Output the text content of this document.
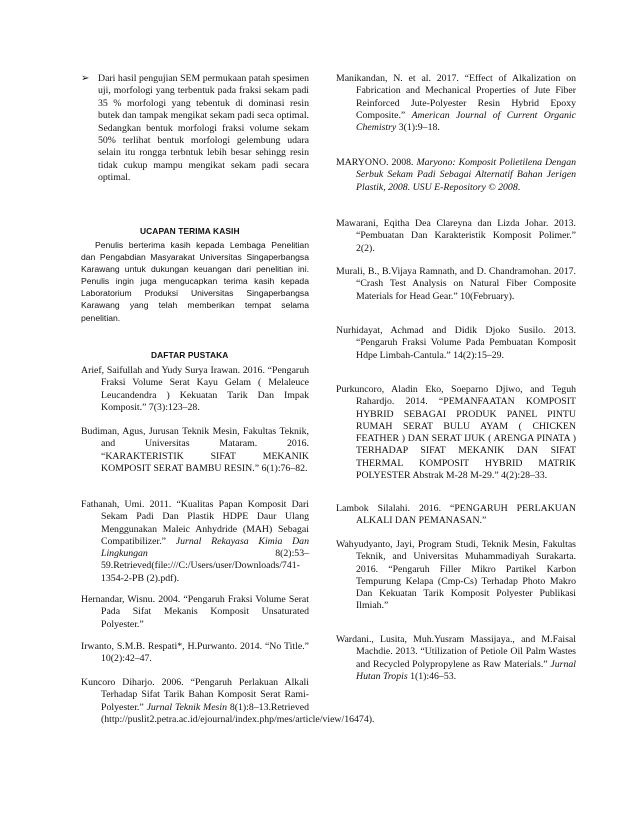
➢ Dari hasil pengujian SEM permukaan patah spesimen uji, morfologi yang terbentuk pada fraksi sekam padi 35 % morfologi yang tebentuk di dominasi resin butek dan tampak mengikat sekam padi seca optimal. Sedangkan bentuk morfologi fraksi volume sekam 50% terlihat bentuk morfologi gelembung udara selain itu rongga terbntuk lebih besar sehingg resin tidak cukup mampu mengikat sekam padi secara optimal.
UCAPAN TERIMA KASIH
Penulis berterima kasih kepada Lembaga Penelitian dan Pengabdian Masyarakat Universitas Singaperbangsa Karawang untuk dukungan keuangan dari penelitian ini. Penulis ingin juga mengucapkan terima kasih kepada Laboratorium Produksi Universitas Singaperbangsa Karawang yang telah memberikan tempat selama penelitian.
DAFTAR PUSTAKA
Arief, Saifullah and Yudy Surya Irawan. 2016. “Pengaruh Fraksi Volume Serat Kayu Gelam ( Melaleuce Leucandendra ) Kekuatan Tarik Dan Impak Komposit.” 7(3):123–28.
Budiman, Agus, Jurusan Teknik Mesin, Fakultas Teknik, and Universitas Mataram. 2016. “KARAKTERISTIK SIFAT MEKANIK KOMPOSIT SERAT BAMBU RESIN.” 6(1):76–82.
Fathanah, Umi. 2011. “Kualitas Papan Komposit Dari Sekam Padi Dan Plastik HDPE Daur Ulang Menggunakan Maleic Anhydride (MAH) Sebagai Compatibilizer.” Jurnal Rekayasa Kimia Dan Lingkungan 8(2):53–59.Retrieved(file:///C:/Users/user/Downloads/741-1354-2-PB (2).pdf).
Hernandar, Wisnu. 2004. “Pengaruh Fraksi Volume Serat Pada Sifat Mekanis Komposit Unsaturated Polyester.”
Irwanto, S.M.B. Respati*, H.Purwanto. 2014. “No Title.” 10(2):42–47.
Kuncoro Diharjo. 2006. “Pengaruh Perlakuan Alkali Terhadap Sifat Tarik Bahan Komposit Serat Rami-Polyester.” Jurnal Teknik Mesin 8(1):8–13.Retrieved (http://puslit2.petra.ac.id/ejournal/index.php/mes/article/view/16474).
Manikandan, N. et al. 2017. “Effect of Alkalization on Fabrication and Mechanical Properties of Jute Fiber Reinforced Jute-Polyester Resin Hybrid Epoxy Composite.” American Journal of Current Organic Chemistry 3(1):9–18.
MARYONO. 2008. Maryono: Komposit Polietilena Dengan Serbuk Sekam Padi Sebagai Alternatif Bahan Jerigen Plastik, 2008. USU E-Repository © 2008.
Mawarani, Eqitha Dea Clareyna dan Lizda Johar. 2013. “Pembuatan Dan Karakteristik Komposit Polimer.” 2(2).
Murali, B., B.Vijaya Ramnath, and D. Chandramohan. 2017. “Crash Test Analysis on Natural Fiber Composite Materials for Head Gear.” 10(February).
Nurhidayat, Achmad and Didik Djoko Susilo. 2013. “Pengaruh Fraksi Volume Pada Pembuatan Komposit Hdpe Limbah-Cantula.” 14(2):15–29.
Purkuncoro, Aladin Eko, Soeparno Djiwo, and Teguh Rahardjo. 2014. “PEMANFAATAN KOMPOSIT HYBRID SEBAGAI PRODUK PANEL PINTU RUMAH SERAT BULU AYAM ( CHICKEN FEATHER ) DAN SERAT IJUK ( ARENGA PINATA ) TERHADAP SIFAT MEKANIK DAN SIFAT THERMAL KOMPOSIT HYBRID MATRIK POLYESTER Abstrak M-28 M-29.” 4(2):28–33.
Lambok Silalahi. 2016. “PENGARUH PERLAKUAN ALKALI DAN PEMANASAN.”
Wahyudyanto, Jayi, Program Studi, Teknik Mesin, Fakultas Teknik, and Universitas Muhammadiyah Surakarta. 2016. “Pengaruh Filler Mikro Partikel Karbon Tempurung Kelapa (Cmp-Cs) Terhadap Photo Makro Dan Kekuatan Tarik Komposit Polyester Publikasi Ilmiah.”
Wardani., Lusita, Muh.Yusram Massijaya., and M.Faisal Machdie. 2013. “Utilization of Petiole Oil Palm Wastes and Recycled Polypropylene as Raw Materials.” Jurnal Hutan Tropis 1(1):46–53.
